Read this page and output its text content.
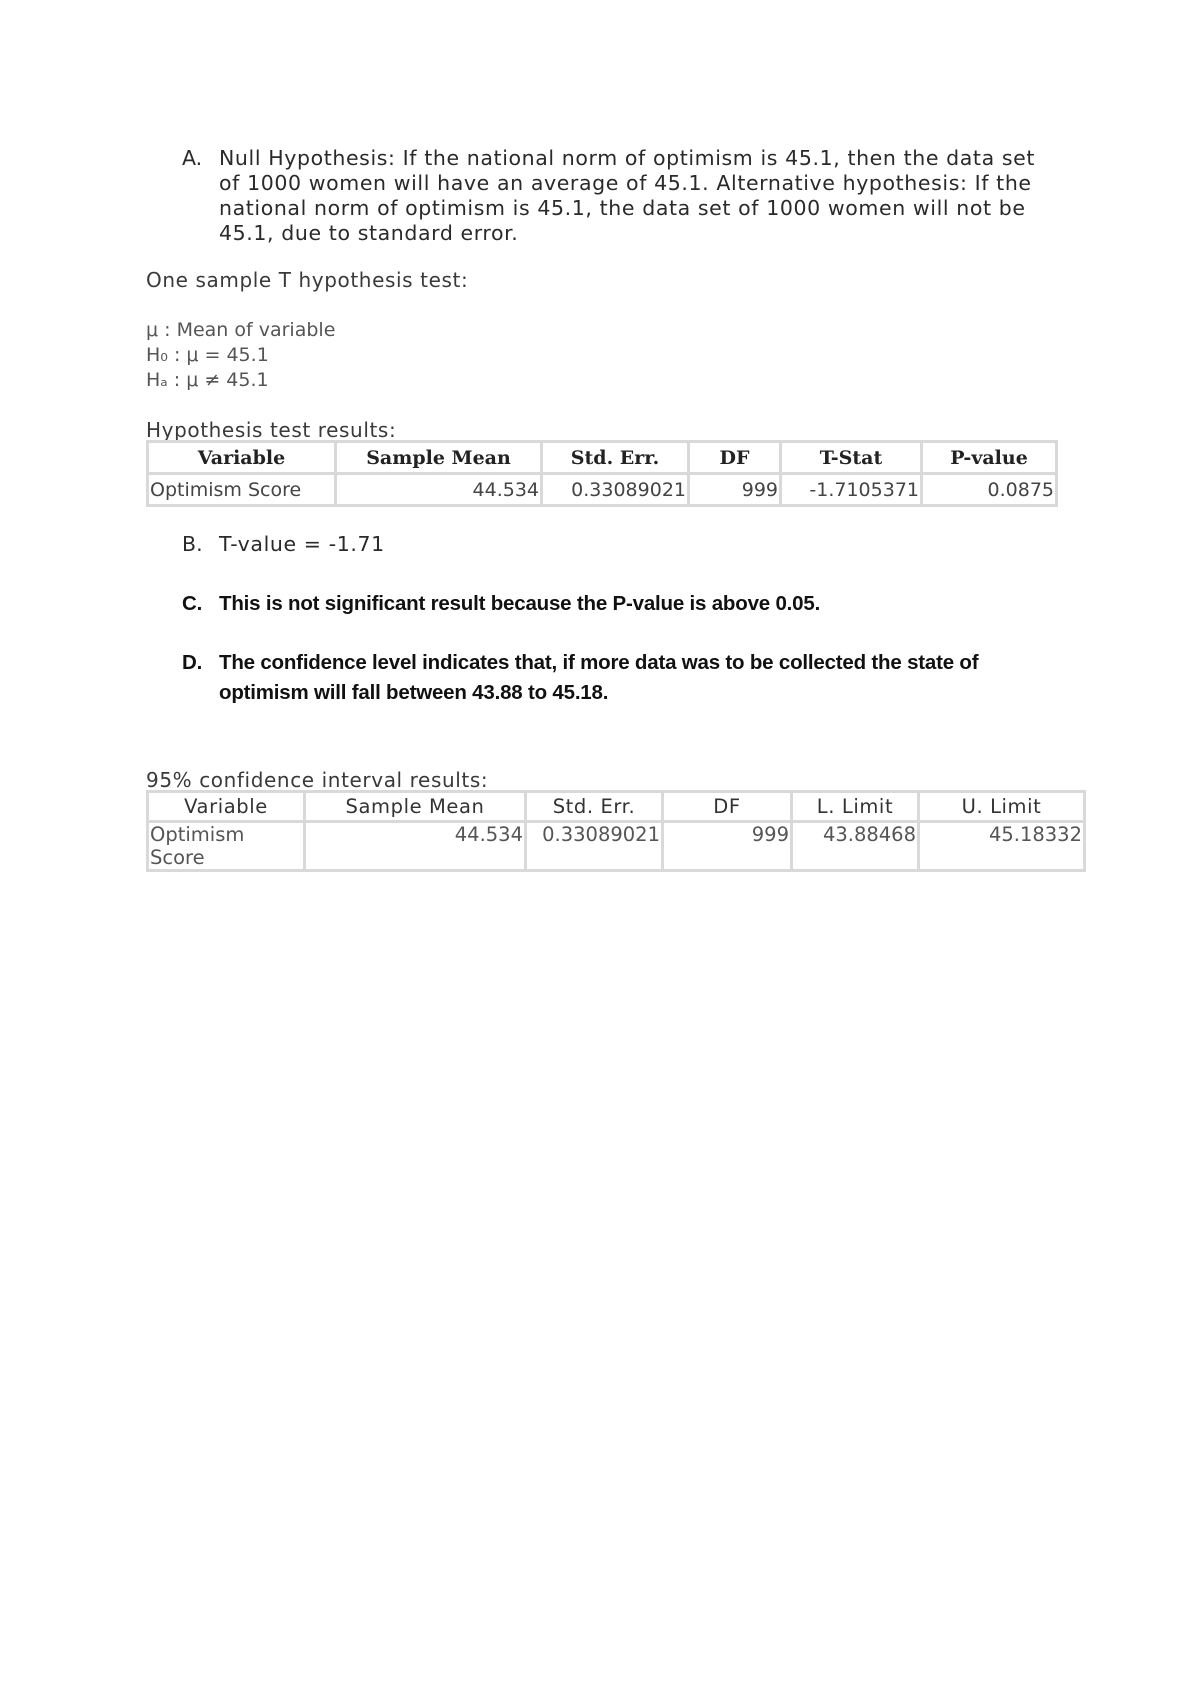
A. Null Hypothesis: If the national norm of optimism is 45.1, then the data set of 1000 women will have an average of 45.1. Alternative hypothesis: If the national norm of optimism is 45.1, the data set of 1000 women will not be 45.1, due to standard error.
One sample T hypothesis test:
μ : Mean of variable
H₀ : μ = 45.1
Hₐ : μ ≠ 45.1
Hypothesis test results:
Variable	Sample Mean	Std. Err.	DF	T-Stat	P-value
Optimism Score	44.534	0.33089021	999	-1.7105371	0.0875
B. T-value = -1.71
C. This is not significant result because the P-value is above 0.05.
D. The confidence level indicates that, if more data was to be collected the state of optimism will fall between 43.88 to 45.18.
95% confidence interval results:
Variable	Sample Mean	Std. Err.	DF	L. Limit	U. Limit
Optimism Score	44.534	0.33089021	999	43.88468	45.18332
